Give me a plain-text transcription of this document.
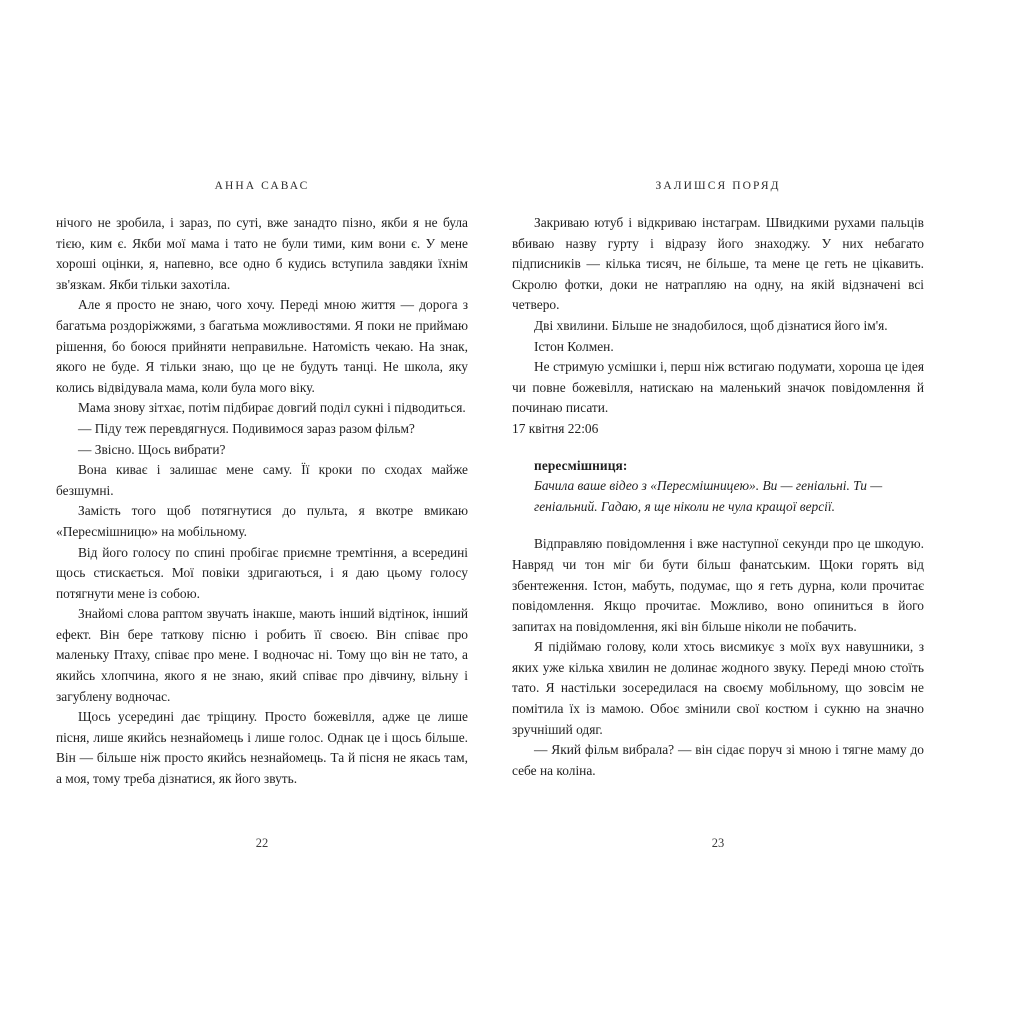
АННА САВАС

нічого не зробила, і зараз, по суті, вже занадто пізно, якби я не була тією, ким є. Якби мої мама і тато не були тими, ким вони є. У мене хороші оцінки, я, напевно, все одно б кудись вступила завдяки їхнім зв'язкам. Якби тільки захотіла.

Але я просто не знаю, чого хочу. Переді мною життя — дорога з багатьма роздоріжжями, з багатьма можливостями. Я поки не приймаю рішення, бо боюся прийняти неправильне. Натомість чекаю. На знак, якого не буде. Я тільки знаю, що це не будуть танці. Не школа, яку колись відвідувала мама, коли була мого віку.

Мама знову зітхає, потім підбирає довгий поділ сукні і підводиться.

— Піду теж перевдягнуся. Подивимося зараз разом фільм?

— Звісно. Щось вибрати?

Вона киває і залишає мене саму. Її кроки по сходах майже безшумні.

Замість того щоб потягнутися до пульта, я вкотре вмикаю «Пересмішницю» на мобільному.

Від його голосу по спині пробігає приємне тремтіння, а всередині щось стискається. Мої повіки здригаються, і я даю цьому голосу потягнути мене із собою.

Знайомі слова раптом звучать інакше, мають інший відтінок, інший ефект. Він бере таткову пісню і робить її своєю. Він співає про маленьку Птаху, співає про мене. І водночас ні. Тому що він не тато, а якийсь хлопчина, якого я не знаю, який співає про дівчину, вільну і загублену водночас.

Щось усередині дає тріщину. Просто божевілля, адже це лише пісня, лише якийсь незнайомець і лише голос. Однак це і щось більше. Він — більше ніж просто якийсь незнайомець. Та й пісня не якась там, а моя, тому треба дізнатися, як його звуть.

22
ЗАЛИШСЯ ПОРЯД

Закриваю ютуб і відкриваю інстаграм. Швидкими рухами пальців вбиваю назву гурту і відразу його знаходжу. У них небагато підписників — кілька тисяч, не більше, та мене це геть не цікавить. Скролю фотки, доки не натрапляю на одну, на якій відзначені всі четверо.

Дві хвилини. Більше не знадобилося, щоб дізнатися його ім'я.

Істон Колмен.

Не стримую усмішки і, перш ніж встигаю подумати, хороша це ідея чи повне божевілля, натискаю на маленький значок повідомлення й починаю писати.

17 квітня 22:06

пересмішниця:
Бачила ваше відео з «Пересмішницею». Ви — геніальні. Ти — геніальний. Гадаю, я ще ніколи не чула кращої версії.

Відправляю повідомлення і вже наступної секунди про це шкодую. Навряд чи тон міг би бути більш фанатським. Щоки горять від збентеження. Істон, мабуть, подумає, що я геть дурна, коли прочитає повідомлення. Якщо прочитає. Можливо, воно опиниться в його запитах на повідомлення, які він більше ніколи не побачить.

Я підіймаю голову, коли хтось висмикує з моїх вух навушники, з яких уже кілька хвилин не долинає жодного звуку. Переді мною стоїть тато. Я настільки зосередилася на своєму мобільному, що зовсім не помітила їх із мамою. Обоє змінили свої костюм і сукню на значно зручніший одяг.

— Який фільм вибрала? — він сідає поруч зі мною і тягне маму до себе на коліна.

23
